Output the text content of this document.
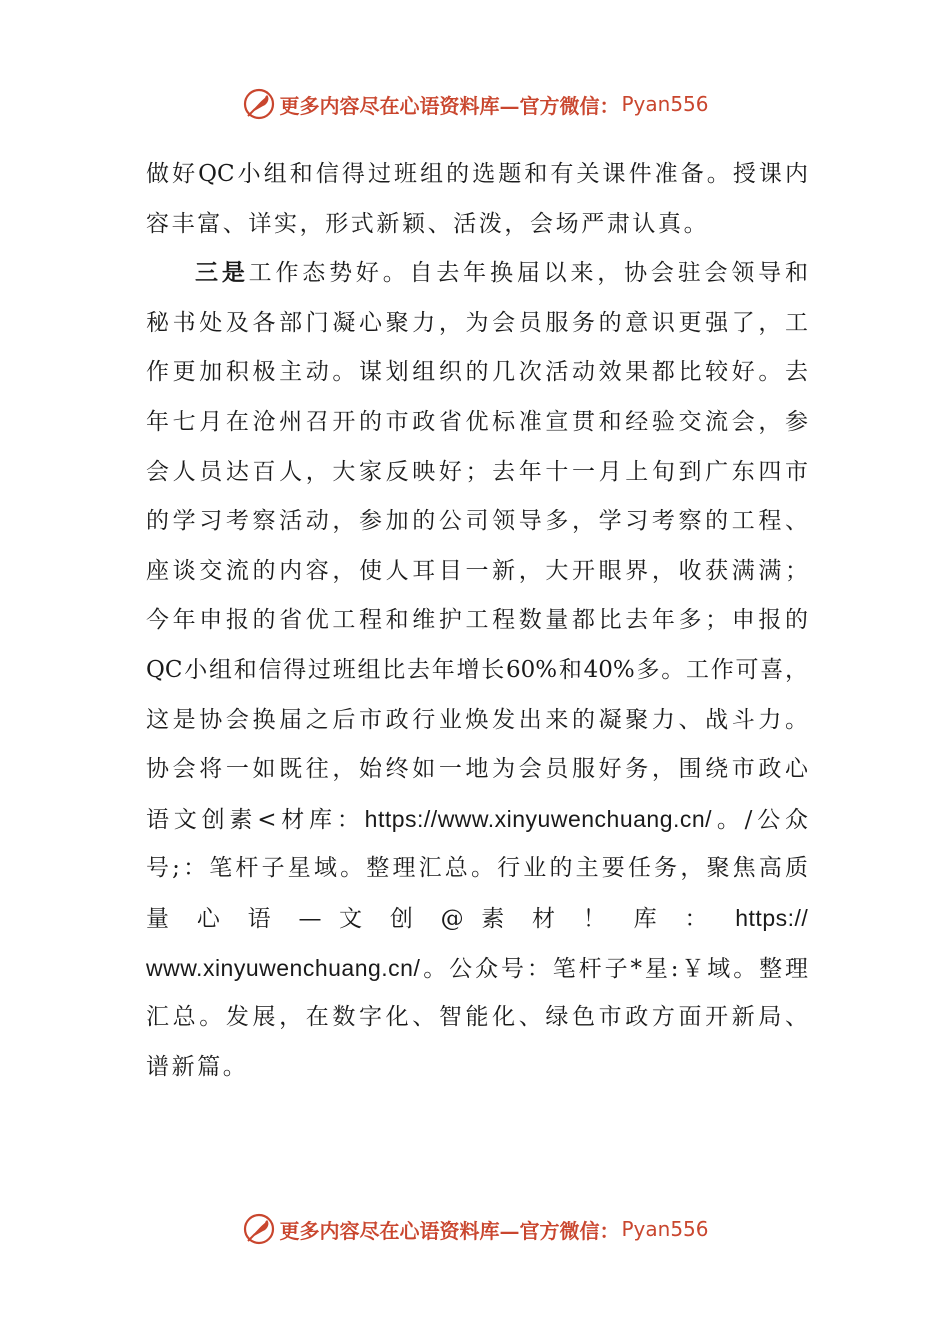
更多内容尽在心语资料库—官方微信： Pyan556
做好QC小组和信得过班组的选题和有关课件准备。授课内
容丰富、详实，形式新颖、活泼，会场严肃认真。
三是工作态势好。自去年换届以来，协会驻会领导和
秘书处及各部门凝心聚力，为会员服务的意识更强了，工
作更加积极主动。谋划组织的几次活动效果都比较好。去
年七月在沧州召开的市政省优标准宣贯和经验交流会，参
会人员达百人，大家反映好；去年十一月上旬到广东四市
的学习考察活动，参加的公司领导多，学习考察的工程、
座谈交流的内容，使人耳目一新，大开眼界，收获满满；
今年申报的省优工程和维护工程数量都比去年多；申报的
QC小组和信得过班组比去年增长60%和40%多。工作可喜，
这是协会换届之后市政行业焕发出来的凝聚力、战斗力。
协会将一如既往，始终如一地为会员服好务，围绕市政心
语文创素<材库：https://www.xinyuwenchuang.cn/。/公众
号;：笔杆子星域。整理汇总。行业的主要任务，聚焦高质
量 心 语 — 文 创 @ 素 材 ！ 库 ： https://
www.xinyuwenchuang.cn/。公众号：笔杆子*星:￥域。整理
汇总。发展，在数字化、智能化、绿色市政方面开新局、
谱新篇。
更多内容尽在心语资料库—官方微信： Pyan556
